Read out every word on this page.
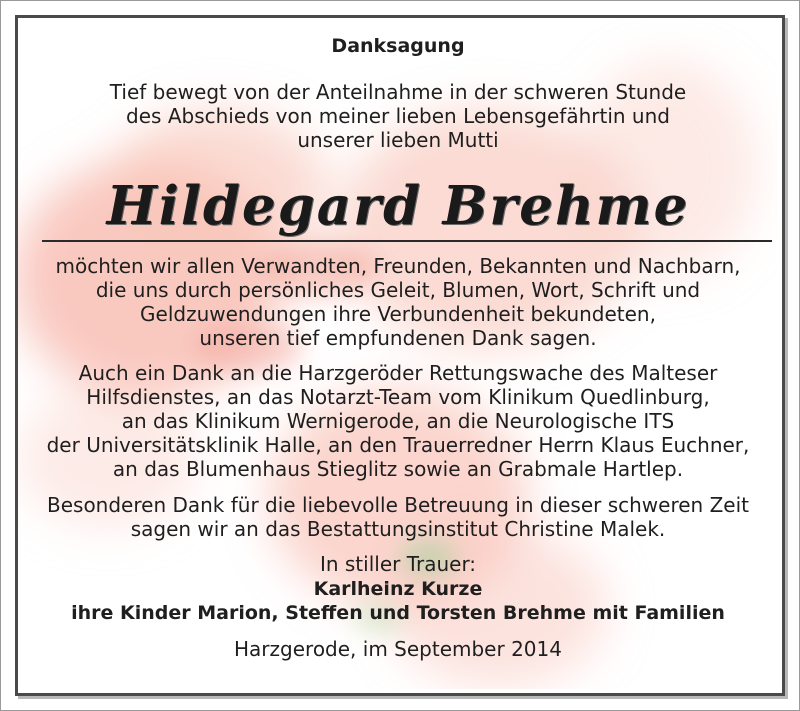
Danksagung
Tief bewegt von der Anteilnahme in der schweren Stunde
des Abschieds von meiner lieben Lebensgefährtin und
unserer lieben Mutti
Hildegard Brehme
möchten wir allen Verwandten, Freunden, Bekannten und Nachbarn,
die uns durch persönliches Geleit, Blumen, Wort, Schrift und
Geldzuwendungen ihre Verbundenheit bekundeten,
unseren tief empfundenen Dank sagen.
Auch ein Dank an die Harzgeröder Rettungswache des Malteser
Hilfsdienstes, an das Notarzt-Team vom Klinikum Quedlinburg,
an das Klinikum Wernigerode, an die Neurologische ITS
der Universitätsklinik Halle, an den Trauerredner Herrn Klaus Euchner,
an das Blumenhaus Stieglitz sowie an Grabmale Hartlep.
Besonderen Dank für die liebevolle Betreuung in dieser schweren Zeit
sagen wir an das Bestattungsinstitut Christine Malek.
In stiller Trauer:
Karlheinz Kurze
ihre Kinder Marion, Steffen und Torsten Brehme mit Familien
Harzgerode, im September 2014
